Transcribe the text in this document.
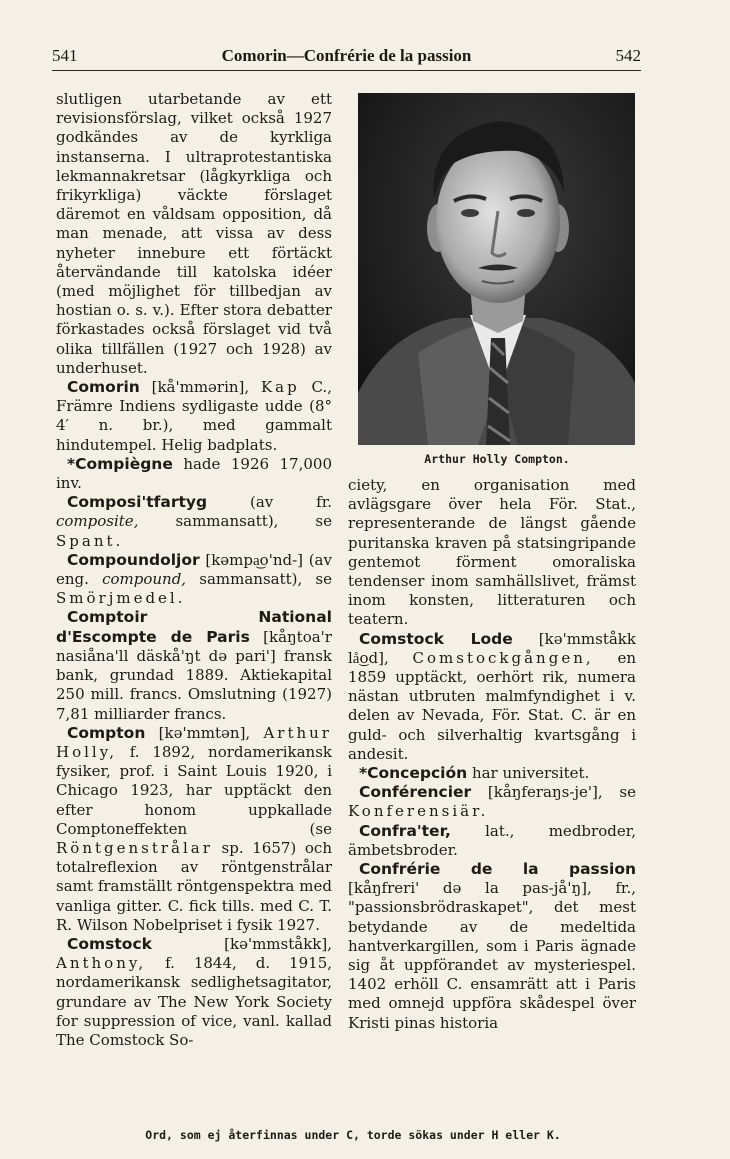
541	Comorin—Confrérie de la passion	542

slutligen utarbetande av ett revisionsförslag, vilket också 1927 godkändes av de kyrkliga instanserna. I ultraprotestantiska lekmannakretsar (lågkyrkliga och frikyrkliga) väckte förslaget däremot en våldsam opposition, då man menade, att vissa av dess nyheter innebure ett förtäckt återvändande till katolska idéer (med möjlighet för tillbedjan av hostian o. s. v.). Efter stora debatter förkastades också förslaget vid två olika tillfällen (1927 och 1928) av underhuset.

Comorin [kå'mmərin], Kap C., Främre Indiens sydligaste udde (8° 4′ n. br.), med gammalt hindutempel. Helig badplats.

*Compiègne hade 1926 17,000 inv.

Composi'tfartyg	(av fr. composite, sammansatt), se Spant.

Compoundoljor [kəmpa͜o'nd-] (av eng. compound, sammansatt), se Smörjmedel.

Comptoir National d'Escompte de Paris [kåŋtoa'r nasiåna'll däskå'ŋt də pari'] fransk bank, grundad 1889. Aktiekapital 250 mill. francs. Omslutning (1927) 7,81 milliarder francs.

Compton [kə'mmtən], Arthur Holly, f. 1892, nordamerikansk fysiker, prof. i Saint Louis 1920, i Chicago 1923, har upptäckt den efter honom uppkallade Comptoneffekten (se Röntgenstrålar sp. 1657) och totalreflexion av röntgenstrålar samt framställt röntgenspektra med vanliga gitter. C. fick tills. med C. T. R. Wilson Nobelpriset i fysik 1927.

Comstock	[kə'mmståkk], Anthony, f. 1844, d. 1915, nordamerikansk sedlighetsagitator, grundare av The New York Society for suppression of vice, vanl. kallad The Comstock So-

Arthur Holly Compton.

ciety, en organisation med avlägsgare över hela För. Stat., representerande de längst gående puritanska kraven på statsingripande gentemot förment omoraliska tendenser inom samhällslivet, främst inom konsten, litteraturen och teatern.

Comstock Lode [kə'mmståkk lå͜od], Comstockgången, en 1859 upptäckt, oerhört rik, numera nästan utbruten malmfyndighet i v. delen av Nevada, För. Stat. C. är en guld- och silverhaltig kvartsgång i andesit.

*Concepción har universitet.

Conférencier [kåŋferaŋs-je'], se Konferensiär.

Confra'ter, lat., medbroder, ämbetsbroder.

Confrérie de la passion [kåŋfreri' də la pas-jå'ŋ], fr., "passionsbrödraskapet", det mest betydande av de medeltida hantverkargillen, som i Paris ägnade sig åt uppförandet av mysteriespel. 1402 erhöll C. ensamrätt att i Paris med omnejd uppföra skådespel över Kristi pinas historia

Ord, som ej återfinnas under C, torde sökas under H eller K.
